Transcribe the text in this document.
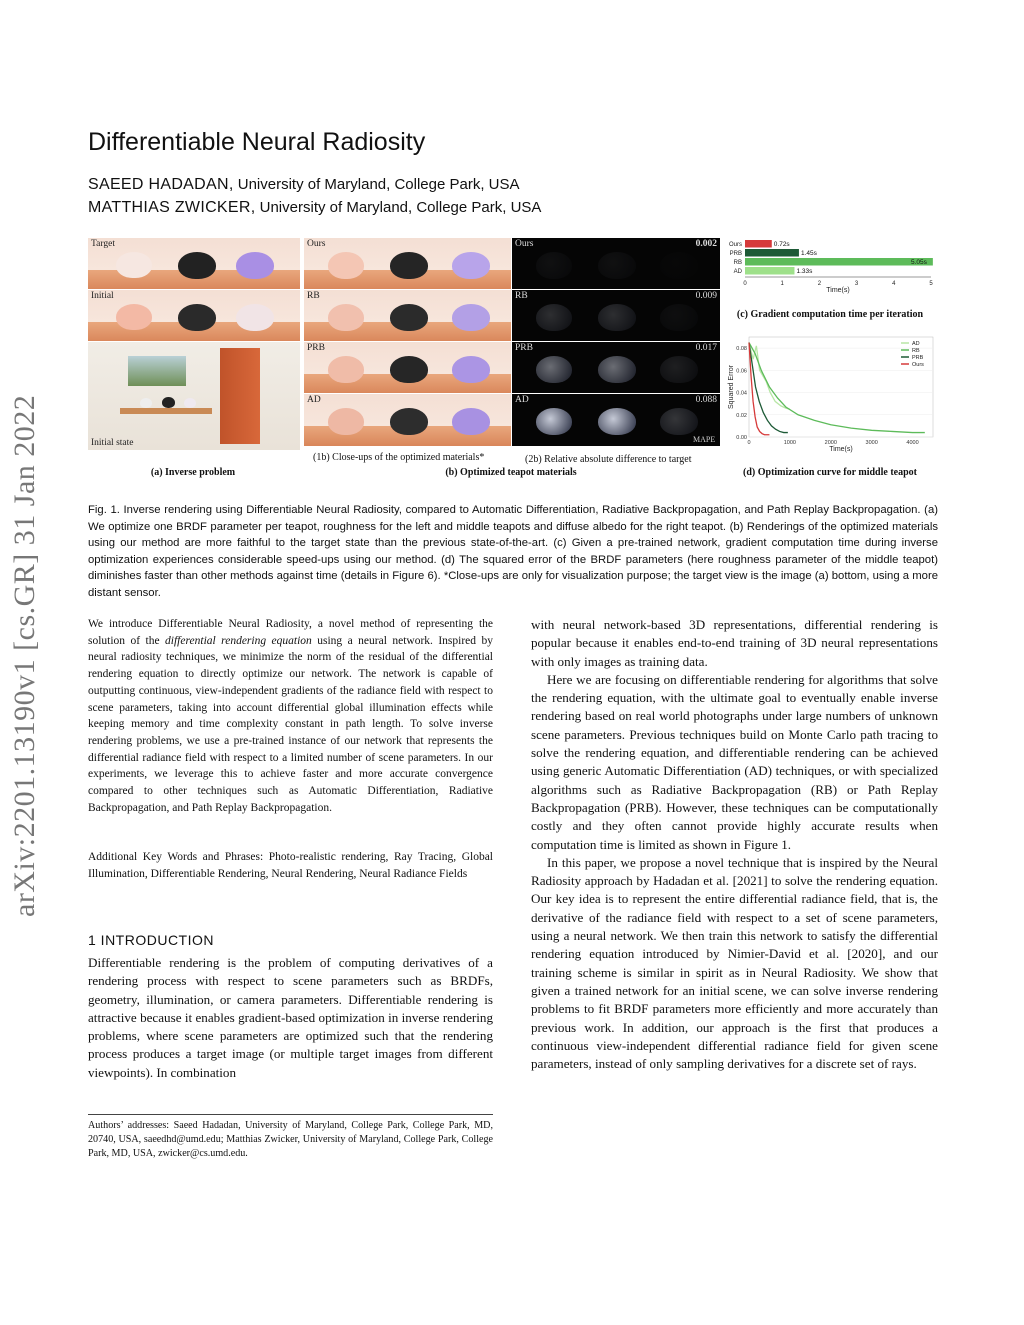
arXiv:2201.13190v1 [cs.GR] 31 Jan 2022
Differentiable Neural Radiosity
SAEED HADADAN, University of Maryland, College Park, USA
MATTHIAS ZWICKER, University of Maryland, College Park, USA
Target
Initial
Initial state
(a) Inverse problem
Ours
RB
PRB
AD
Ours	0.002
RB	0.009
PRB	0.017
AD	0.088
MAPE
(1b) Close-ups of the optimized materials*	(2b) Relative absolute difference to target
(b) Optimized teapot materials
Ours	0.72s
PRB	1.45s
RB	5.05s
AD	1.33s
0	1	2	3	4	5
Time(s)
(c) Gradient computation time per iteration
0.00
0.02
0.04
0.06
0.08
0	1000	2000	3000	4000
Time(s)
Squared Error
AD
RB
PRB
Ours
(d) Optimization curve for middle teapot
Fig. 1. Inverse rendering using Differentiable Neural Radiosity, compared to Automatic Differentiation, Radiative Backpropagation, and Path Replay Backpropagation. (a) We optimize one BRDF parameter per teapot, roughness for the left and middle teapots and diffuse albedo for the right teapot. (b) Renderings of the optimized materials using our method are more faithful to the target state than the previous state-of-the-art. (c) Given a pre-trained network, gradient computation time during inverse optimization experiences considerable speed-ups using our method. (d) The squared error of the BRDF parameters (here roughness parameter of the middle teapot) diminishes faster than other methods against time (details in Figure 6). *Close-ups are only for visualization purpose; the target view is the image (a) bottom, using a more distant sensor.
We introduce Differentiable Neural Radiosity, a novel method of representing the solution of the differential rendering equation using a neural network. Inspired by neural radiosity techniques, we minimize the norm of the residual of the differential rendering equation to directly optimize our network. The network is capable of outputting continuous, view-independent gradients of the radiance field with respect to scene parameters, taking into account differential global illumination effects while keeping memory and time complexity constant in path length. To solve inverse rendering problems, we use a pre-trained instance of our network that represents the differential radiance field with respect to a limited number of scene parameters. In our experiments, we leverage this to achieve faster and more accurate convergence compared to other techniques such as Automatic Differentiation, Radiative Backpropagation, and Path Replay Backpropagation.
Additional Key Words and Phrases: Photo-realistic rendering, Ray Tracing, Global Illumination, Differentiable Rendering, Neural Rendering, Neural Radiance Fields
1 INTRODUCTION
Differentiable rendering is the problem of computing derivatives of a rendering process with respect to scene parameters such as BRDFs, geometry, illumination, or camera parameters. Differentiable rendering is attractive because it enables gradient-based optimization in inverse rendering problems, where scene parameters are optimized such that the rendering process produces a target image (or multiple target images from different viewpoints). In combination

with neural network-based 3D representations, differential rendering is popular because it enables end-to-end training of 3D neural representations with only images as training data.

Here we are focusing on differentiable rendering for algorithms that solve the rendering equation, with the ultimate goal to eventually enable inverse rendering based on real world photographs under large numbers of unknown scene parameters. Previous techniques build on Monte Carlo path tracing to solve the rendering equation, and differentiable rendering can be achieved using generic Automatic Differentiation (AD) techniques, or with specialized algorithms such as Radiative Backpropagation (RB) or Path Replay Backpropagation (PRB). However, these techniques can be computationally costly and they often cannot provide highly accurate results when computation time is limited as shown in Figure 1.

In this paper, we propose a novel technique that is inspired by the Neural Radiosity approach by Hadadan et al. [2021] to solve the rendering equation. Our key idea is to represent the entire differential radiance field, that is, the derivative of the radiance field with respect to a set of scene parameters, using a neural network. We then train this network to satisfy the differential rendering equation introduced by Nimier-David et al. [2020], and our training scheme is similar in spirit as in Neural Radiosity. We show that given a trained network for an initial scene, we can solve inverse rendering problems to fit BRDF parameters more efficiently and more accurately than previous work. In addition, our approach is the first that produces a continuous view-independent differential radiance field for given scene parameters, instead of only sampling derivatives for a discrete set of rays.

Authors’ addresses: Saeed Hadadan, University of Maryland, College Park, College Park, MD, 20740, USA, saeedhd@umd.edu; Matthias Zwicker, University of Maryland, College Park, College Park, MD, USA, zwicker@cs.umd.edu.
